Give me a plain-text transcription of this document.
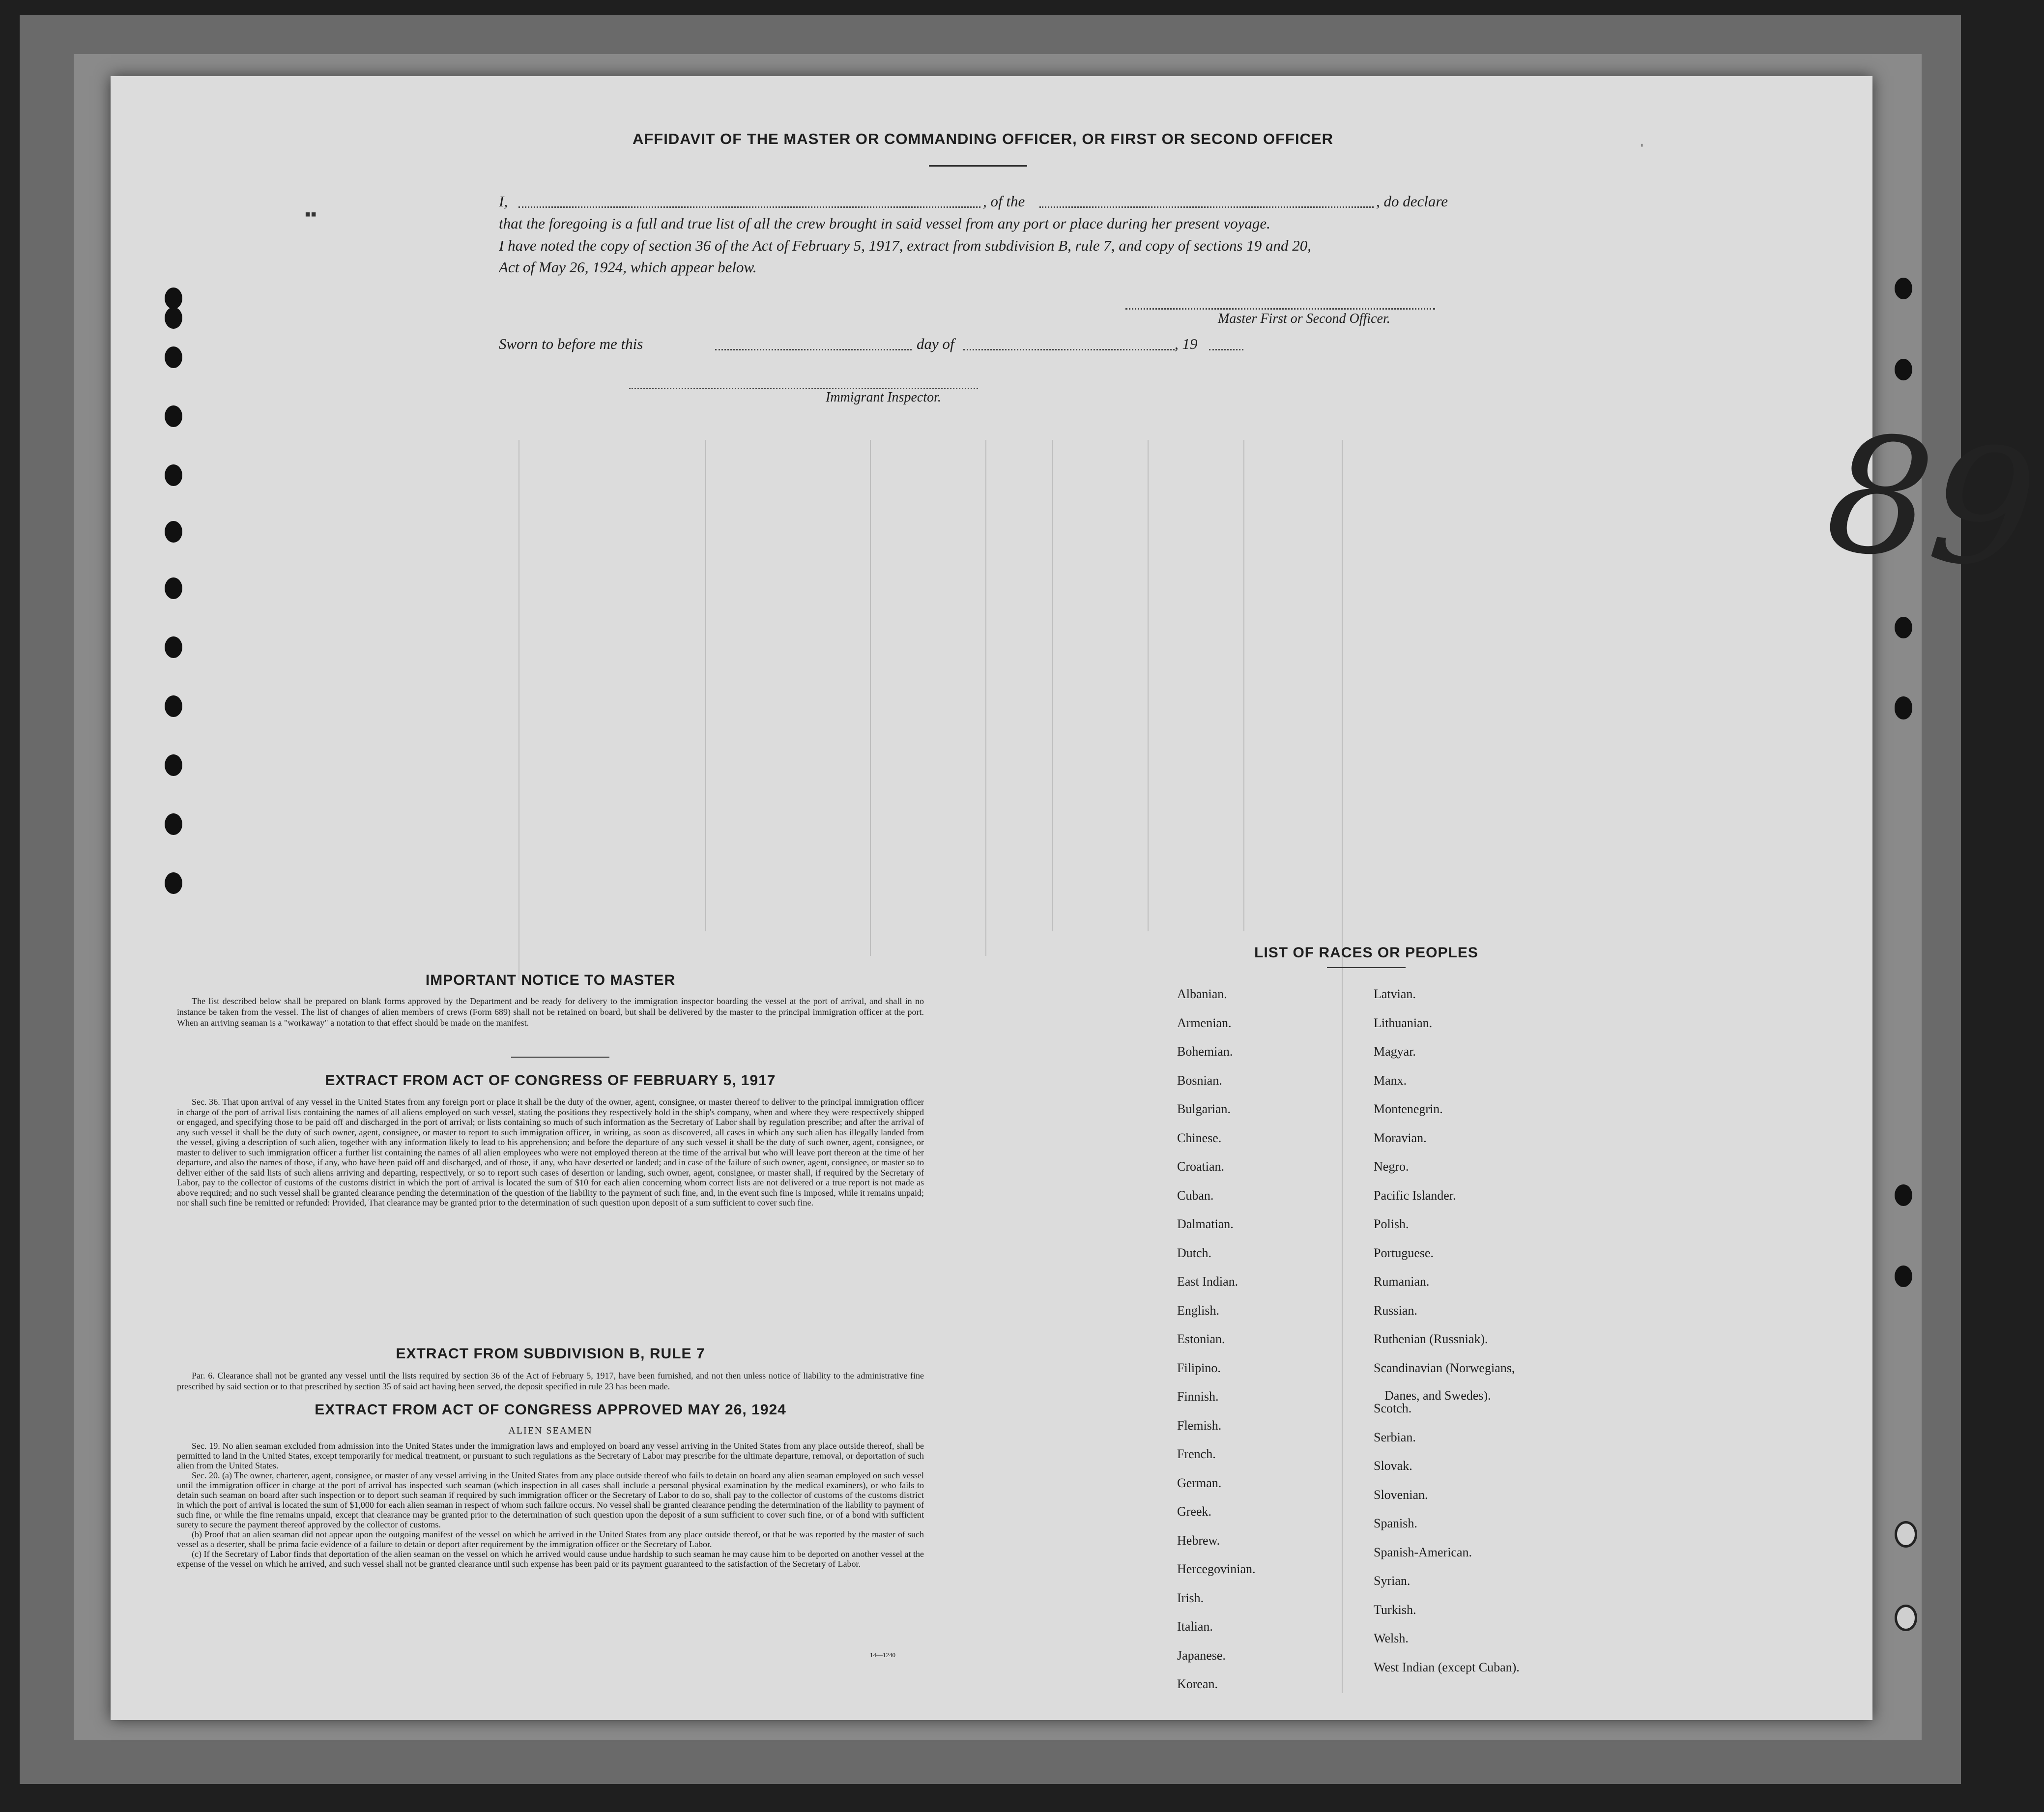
AFFIDAVIT OF THE MASTER OR COMMANDING OFFICER, OR FIRST OR SECOND OFFICER
I,	, of the	, do declare
that the foregoing is a full and true list of all the crew brought in said vessel from any port or place during her present voyage.
I have noted the copy of section 36 of the Act of February 5, 1917, extract from subdivision B, rule 7, and copy of sections 19 and 20,
Act of May 26, 1924, which appear below.
Master First or Second Officer.
Sworn to before me this	day of	, 19
Immigrant Inspector.
▪▪
ˈ
89
IMPORTANT NOTICE TO MASTER

The list described below shall be prepared on blank forms approved by the Department and be ready for delivery to the immigration inspector boarding the vessel at the port of arrival, and shall in no instance be taken from the vessel. The list of changes of alien members of crews (Form 689) shall not be retained on board, but shall be delivered by the master to the principal immigration officer at the port. When an arriving seaman is a "workaway" a notation to that effect should be made on the manifest.

EXTRACT FROM ACT OF CONGRESS OF FEBRUARY 5, 1917

Sec. 36. That upon arrival of any vessel in the United States from any foreign port or place it shall be the duty of the owner, agent, consignee, or master thereof to deliver to the principal immigration officer in charge of the port of arrival lists containing the names of all aliens employed on such vessel, stating the positions they respectively hold in the ship's company, when and where they were respectively shipped or engaged, and specifying those to be paid off and discharged in the port of arrival; or lists containing so much of such information as the Secretary of Labor shall by regulation prescribe; and after the arrival of any such vessel it shall be the duty of such owner, agent, consignee, or master to report to such immigration officer, in writing, as soon as discovered, all cases in which any such alien has illegally landed from the vessel, giving a description of such alien, together with any information likely to lead to his apprehension; and before the departure of any such vessel it shall be the duty of such owner, agent, consignee, or master to deliver to such immigration officer a further list containing the names of all alien employees who were not employed thereon at the time of the arrival but who will leave port thereon at the time of her departure, and also the names of those, if any, who have been paid off and discharged, and of those, if any, who have deserted or landed; and in case of the failure of such owner, agent, consignee, or master so to deliver either of the said lists of such aliens arriving and departing, respectively, or so to report such cases of desertion or landing, such owner, agent, consignee, or master shall, if required by the Secretary of Labor, pay to the collector of customs of the customs district in which the port of arrival is located the sum of $10 for each alien concerning whom correct lists are not delivered or a true report is not made as above required; and no such vessel shall be granted clearance pending the determination of the question of the liability to the payment of such fine, and, in the event such fine is imposed, while it remains unpaid; nor shall such fine be remitted or refunded: Provided, That clearance may be granted prior to the determination of such question upon deposit of a sum sufficient to cover such fine.

EXTRACT FROM SUBDIVISION B, RULE 7

Par. 6. Clearance shall not be granted any vessel until the lists required by section 36 of the Act of February 5, 1917, have been furnished, and not then unless notice of liability to the administrative fine prescribed by said section or to that prescribed by section 35 of said act having been served, the deposit specified in rule 23 has been made.

EXTRACT FROM ACT OF CONGRESS APPROVED MAY 26, 1924
ALIEN SEAMEN

Sec. 19. No alien seaman excluded from admission into the United States under the immigration laws and employed on board any vessel arriving in the United States from any place outside thereof, shall be permitted to land in the United States, except temporarily for medical treatment, or pursuant to such regulations as the Secretary of Labor may prescribe for the ultimate departure, removal, or deportation of such alien from the United States.

Sec. 20. (a) The owner, charterer, agent, consignee, or master of any vessel arriving in the United States from any place outside thereof who fails to detain on board any alien seaman employed on such vessel until the immigration officer in charge at the port of arrival has inspected such seaman (which inspection in all cases shall include a personal physical examination by the medical examiners), or who fails to detain such seaman on board after such inspection or to deport such seaman if required by such immigration officer or the Secretary of Labor to do so, shall pay to the collector of customs of the customs district in which the port of arrival is located the sum of $1,000 for each alien seaman in respect of whom such failure occurs. No vessel shall be granted clearance pending the determination of the liability to payment of such fine, or while the fine remains unpaid, except that clearance may be granted prior to the determination of such question upon the deposit of a sum sufficient to cover such fine, or of a bond with sufficient surety to secure the payment thereof approved by the collector of customs.

(b) Proof that an alien seaman did not appear upon the outgoing manifest of the vessel on which he arrived in the United States from any place outside thereof, or that he was reported by the master of such vessel as a deserter, shall be prima facie evidence of a failure to detain or deport after requirement by the immigration officer or the Secretary of Labor.

(c) If the Secretary of Labor finds that deportation of the alien seaman on the vessel on which he arrived would cause undue hardship to such seaman he may cause him to be deported on another vessel at the expense of the vessel on which he arrived, and such vessel shall not be granted clearance until such expense has been paid or its payment guaranteed to the satisfaction of the Secretary of Labor.

14—1240
LIST OF RACES OR PEOPLES
Albanian.
Armenian.
Bohemian.
Bosnian.
Bulgarian.
Chinese.
Croatian.
Cuban.
Dalmatian.
Dutch.
East Indian.
English.
Estonian.
Filipino.
Finnish.
Flemish.
French.
German.
Greek.
Hebrew.
Hercegovinian.
Irish.
Italian.
Japanese.
Korean.
Latvian.
Lithuanian.
Magyar.
Manx.
Montenegrin.
Moravian.
Negro.
Pacific Islander.
Polish.
Portuguese.
Rumanian.
Russian.
Ruthenian (Russniak).
Scandinavian (Norwegians,
Danes, and Swedes).
Scotch.
Serbian.
Slovak.
Slovenian.
Spanish.
Spanish-American.
Syrian.
Turkish.
Welsh.
West Indian (except Cuban).
